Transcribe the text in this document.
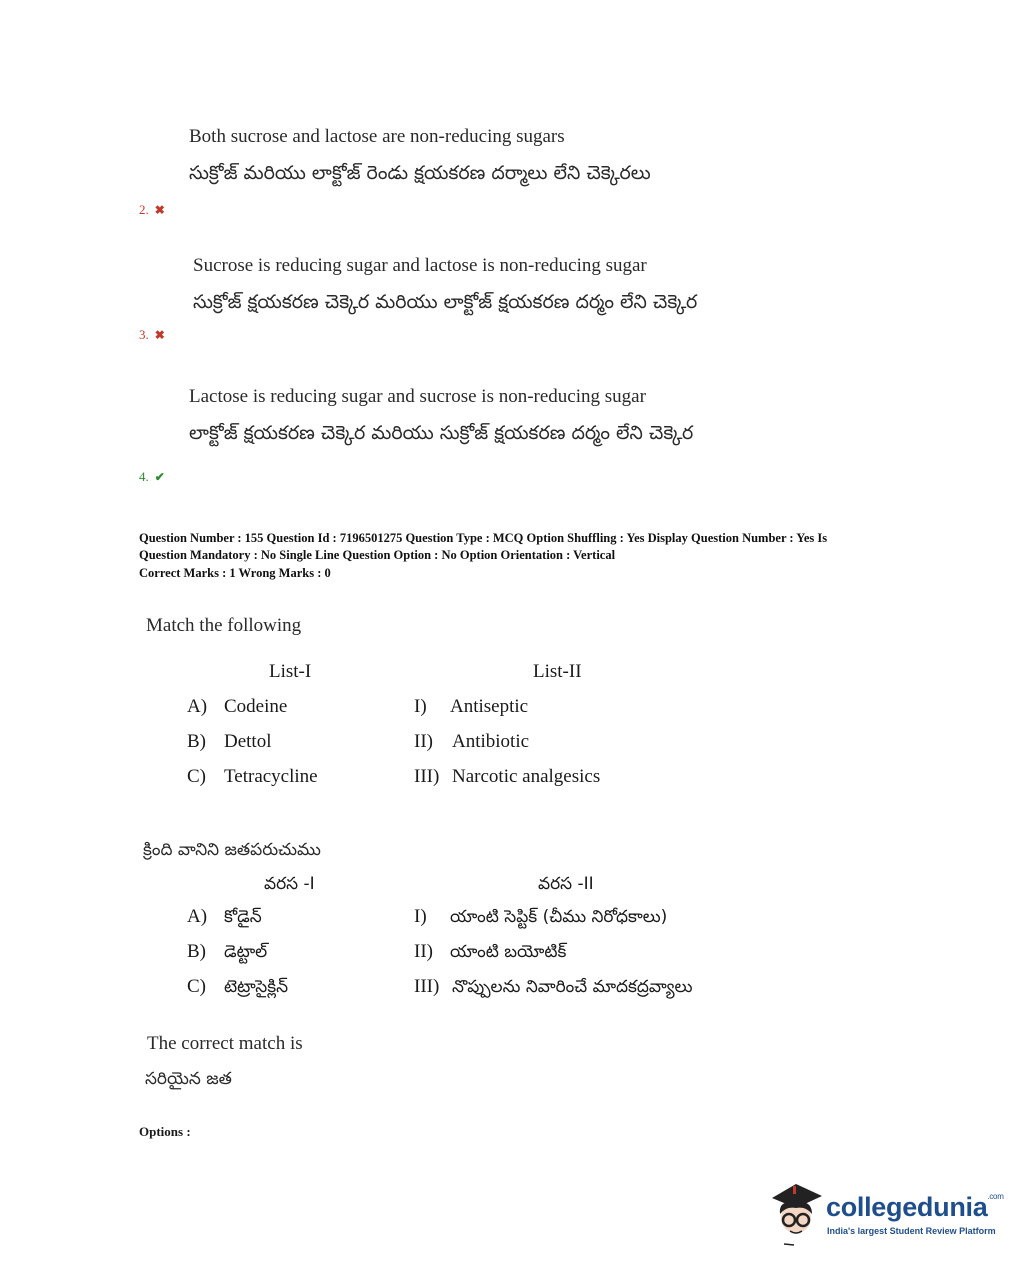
Both sucrose and lactose are non-reducing sugars
సుక్రోజ్ మరియు లాక్టోజ్ రెండు క్షయకరణ దర్మాలు లేని చెక్కెరలు
2. ✖
Sucrose is reducing sugar and lactose is non-reducing sugar
సుక్రోజ్ క్షయకరణ చెక్కెర మరియు లాక్టోజ్ క్షయకరణ దర్మం లేని చెక్కెర
3. ✖
Lactose is reducing sugar and sucrose is non-reducing sugar
లాక్టోజ్ క్షయకరణ చెక్కెర మరియు సుక్రోజ్ క్షయకరణ దర్మం లేని చెక్కెర
4. ✔
Question Number : 155 Question Id : 7196501275 Question Type : MCQ Option Shuffling : Yes Display Question Number : Yes Is
Question Mandatory : No Single Line Question Option : No Option Orientation : Vertical
Correct Marks : 1 Wrong Marks : 0
Match the following
List-I	List-II
A) Codeine	I) Antiseptic
B) Dettol	II) Antibiotic
C) Tetracycline	III) Narcotic analgesics
క్రింది వానిని జతపరుచుము
వరస -I	వరస -II
A) కోడైన్	I) యాంటి సెప్టిక్ (చీము నిరోధకాలు)
B) డెట్టాల్	II) యాంటి బయోటిక్
C) టెట్రాసైక్లిన్	III) నొప్పులను నివారించే మాదకద్రవ్యాలు
The correct match is
సరియైన జత
Options :
collegedunia$^{.com}$
India's largest Student Review Platform
